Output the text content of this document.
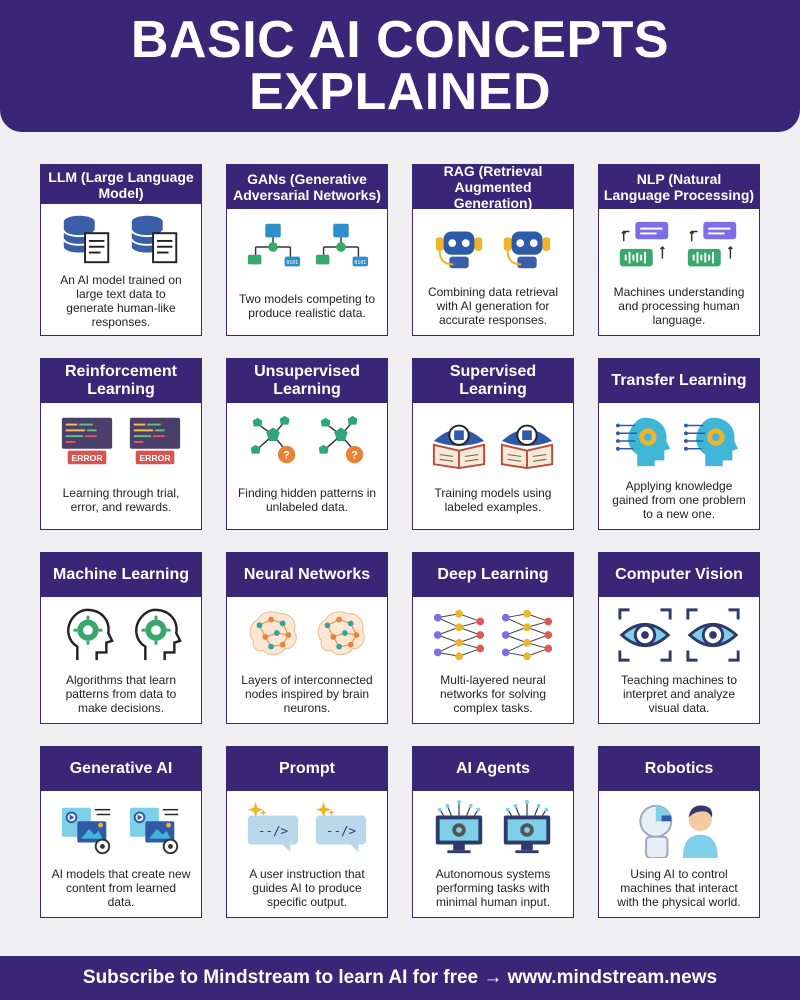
BASIC AI CONCEPTS EXPLAINED
LLM (Large Language Model)
An AI model trained on large text data to generate human-like responses.
GANs (Generative Adversarial Networks)
0101	0101
Two models competing to produce realistic data.
RAG (Retrieval Augmented Generation)
Combining data retrieval with AI generation for accurate responses.
NLP (Natural Language Processing)
Machines understanding and processing human language.
Reinforcement Learning
ERROR	ERROR
Learning through trial, error, and rewards.
Unsupervised Learning
?	?
Finding hidden patterns in unlabeled data.
Supervised Learning
Training models using labeled examples.
Transfer Learning
Applying knowledge gained from one problem to a new one.
Machine Learning
Algorithms that learn patterns from data to make decisions.
Neural Networks
Layers of interconnected nodes inspired by brain neurons.
Deep Learning
Multi-layered neural networks for solving complex tasks.
Computer Vision
Teaching machines to interpret and analyze visual data.
Generative AI
AI models that create new content from learned data.
Prompt
--/>	--/>
A user instruction that guides AI to produce specific output.
AI Agents
Autonomous systems performing tasks with minimal human input.
Robotics
Using AI to control machines that interact with the physical world.
Subscribe to Mindstream to learn AI for free → www.mindstream.news
